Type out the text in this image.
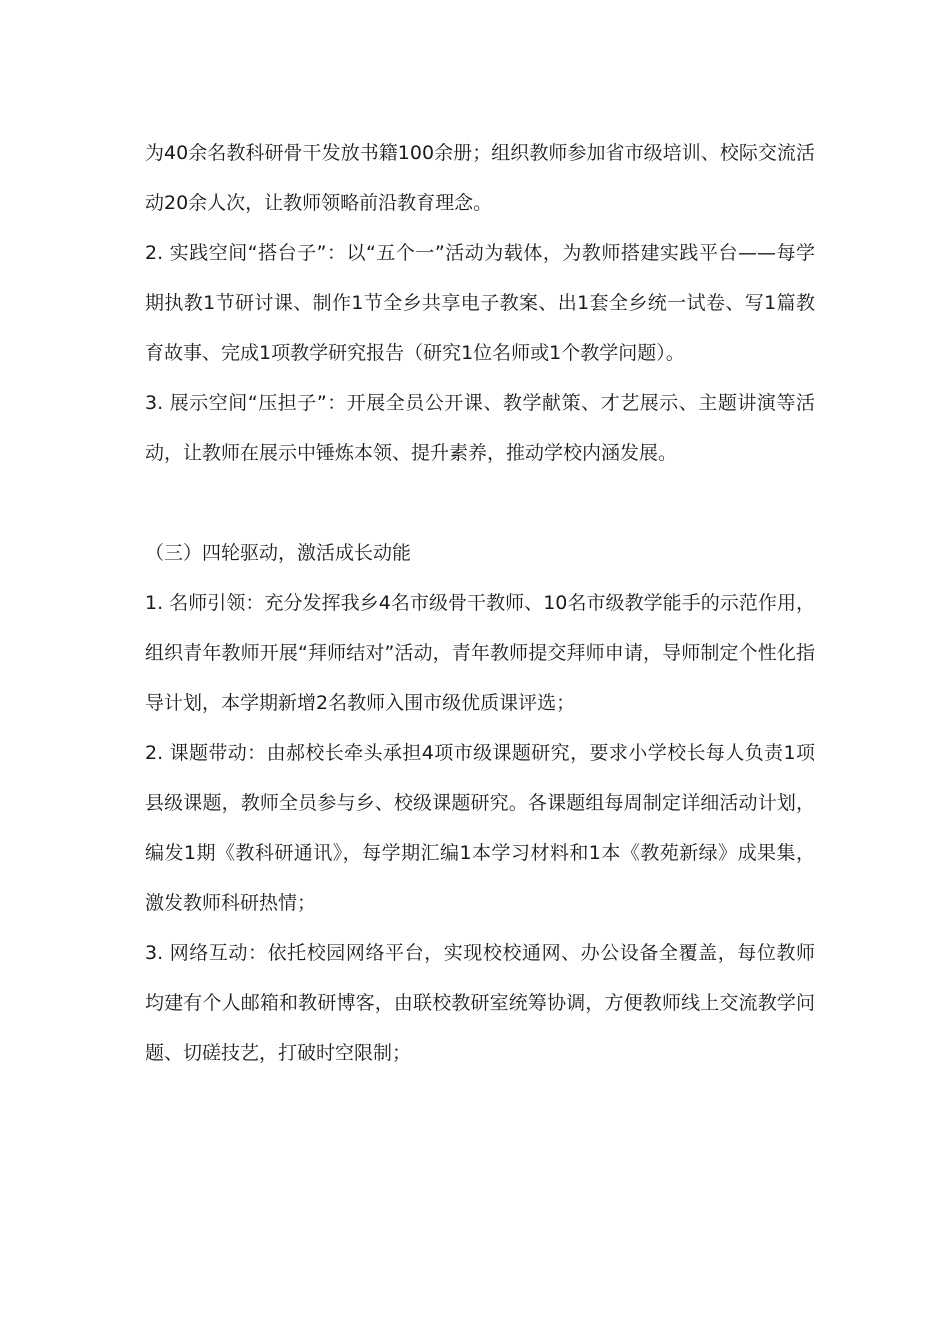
为40余名教科研骨干发放书籍100余册；组织教师参加省市级培训、校际交流活动20余人次，让教师领略前沿教育理念。

2. 实践空间“搭台子”：以“五个一”活动为载体，为教师搭建实践平台——每学期执教1节研讨课、制作1节全乡共享电子教案、出1套全乡统一试卷、写1篇教育故事、完成1项教学研究报告（研究1位名师或1个教学问题）。

3. 展示空间“压担子”：开展全员公开课、教学献策、才艺展示、主题讲演等活动，让教师在展示中锤炼本领、提升素养，推动学校内涵发展。

（三）四轮驱动，激活成长动能

1. 名师引领：充分发挥我乡4名市级骨干教师、10名市级教学能手的示范作用，组织青年教师开展“拜师结对”活动，青年教师提交拜师申请，导师制定个性化指导计划，本学期新增2名教师入围市级优质课评选；

2. 课题带动：由郝校长牵头承担4项市级课题研究，要求小学校长每人负责1项县级课题，教师全员参与乡、校级课题研究。各课题组每周制定详细活动计划，编发1期《教科研通讯》，每学期汇编1本学习材料和1本《教苑新绿》成果集，激发教师科研热情；

3. 网络互动：依托校园网络平台，实现校校通网、办公设备全覆盖，每位教师均建有个人邮箱和教研博客，由联校教研室统筹协调，方便教师线上交流教学问题、切磋技艺，打破时空限制；
